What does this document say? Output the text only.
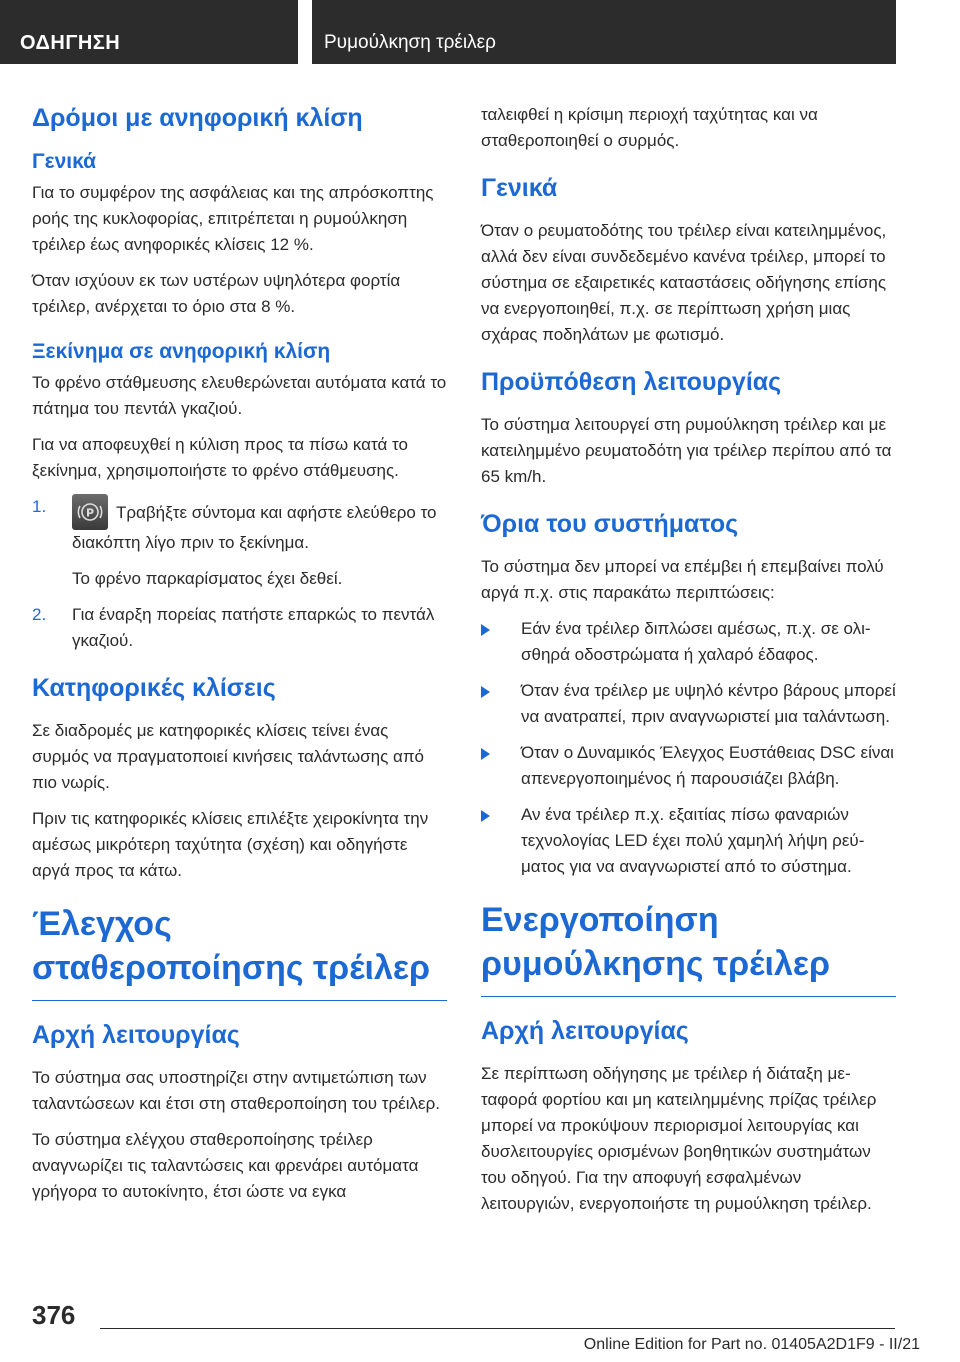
ΟΔΗΓΗΣΗ	Ρυμούλκηση τρέιλερ
Δρόμοι με ανηφορική κλίση
Γενικά

Για το συμφέρον της ασφάλειας και της απρόσκοπτης ροής της κυκλοφορίας, επιτρέπεται η ρυμούλκηση τρέιλερ έως ανηφορικές κλίσεις 12 %.

Όταν ισχύουν εκ των υστέρων υψηλότερα φορτία τρέιλερ, ανέρχεται το όριο στα 8 %.

Ξεκίνημα σε ανηφορική κλίση

Το φρένο στάθμευσης ελευθερώνεται αυτόματα κατά το πάτημα του πεντάλ γκαζιού.

Για να αποφευχθεί η κύλιση προς τα πίσω κατά το ξεκίνημα, χρησιμοποιήστε το φρένο στάθμευσης.

1.	P Τραβήξτε σύντομα και αφήστε ελεύθερο το διακόπτη λίγο πριν το ξεκίνημα.
Το φρένο παρκαρίσματος έχει δεθεί.
2. Για έναρξη πορείας πατήστε επαρκώς το πεντάλ γκαζιού.
Κατηφορικές κλίσεις

Σε διαδρομές με κατηφορικές κλίσεις τείνει ένας συρμός να πραγματοποιεί κινήσεις ταλάντωσης από πιο νωρίς.

Πριν τις κατηφορικές κλίσεις επιλέξτε χειροκίνητα την αμέσως μικρότερη ταχύτητα (σχέση) και οδηγήστε αργά προς τα κάτω.

Έλεγχος σταθεροποίησης τρέιλερ
Αρχή λειτουργίας

Το σύστημα σας υποστηρίζει στην αντιμετώπιση των ταλαντώσεων και έτσι στη σταθεροποίηση του τρέιλερ.

Το σύστημα ελέγχου σταθεροποίησης τρέιλερ αναγνωρίζει τις ταλαντώσεις και φρενάρει αυτόματα γρήγορα το αυτοκίνητο, έτσι ώστε να εγκα

ταλειφθεί η κρίσιμη περιοχή ταχύτητας και να σταθεροποιηθεί ο συρμός.

Γενικά

Όταν ο ρευματοδότης του τρέιλερ είναι κατειλημμένος, αλλά δεν είναι συνδεδεμένο κανένα τρέιλερ, μπορεί το σύστημα σε εξαιρετικές καταστάσεις οδήγησης επίσης να ενεργοποιηθεί, π.χ. σε περίπτωση χρήση μιας σχάρας ποδηλάτων με φωτισμό.

Προϋπόθεση λειτουργίας

Το σύστημα λειτουργεί στη ρυμούλκηση τρέιλερ και με κατειλημμένο ρευματοδότη για τρέιλερ περίπου από τα 65 km/h.

Όρια του συστήματος

Το σύστημα δεν μπορεί να επέμβει ή επεμβαίνει πολύ αργά π.χ. στις παρακάτω περιπτώσεις:

Εάν ένα τρέιλερ διπλώσει αμέσως, π.χ. σε ολισθηρά οδοστρώματα ή χαλαρό έδαφος.
Όταν ένα τρέιλερ με υψηλό κέντρο βάρους μπορεί να ανατραπεί, πριν αναγνωριστεί μια ταλάντωση.
Όταν ο Δυναμικός Έλεγχος Ευστάθειας DSC είναι απενεργοποιημένος ή παρουσιάζει βλάβη.
Αν ένα τρέιλερ π.χ. εξαιτίας πίσω φαναριών τεχνολογίας LED έχει πολύ χαμηλή λήψη ρεύματος για να αναγνωριστεί από το σύστημα.
Ενεργοποίηση ρυμούλκησης τρέιλερ
Αρχή λειτουργίας

Σε περίπτωση οδήγησης με τρέιλερ ή διάταξη μεταφορά φορτίου και μη κατειλημμένης πρίζας τρέιλερ μπορεί να προκύψουν περιορισμοί λειτουργίας και δυσλειτουργίες ορισμένων βοηθητικών συστημάτων του οδηγού. Για την αποφυγή εσφαλμένων λειτουργιών, ενεργοποιήστε τη ρυμούλκηση τρέιλερ.

376
Online Edition for Part no. 01405A2D1F9 - II/21
